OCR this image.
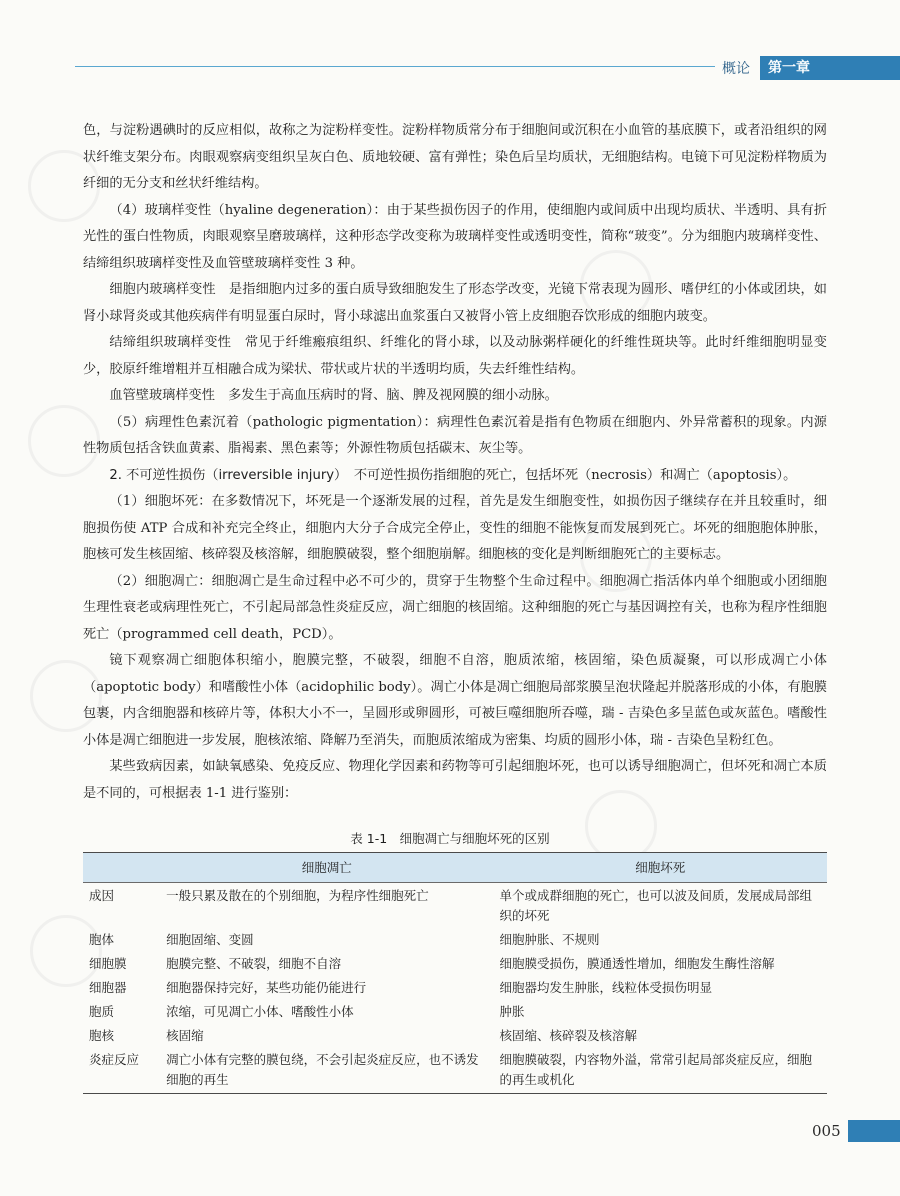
概论	第一章

色，与淀粉遇碘时的反应相似，故称之为淀粉样变性。淀粉样物质常分布于细胞间或沉积在小血管的基底膜下，或者沿组织的网状纤维支架分布。肉眼观察病变组织呈灰白色、质地较硬、富有弹性；染色后呈均质状，无细胞结构。电镜下可见淀粉样物质为纤细的无分支和丝状纤维结构。

（4）玻璃样变性（hyaline degeneration）：由于某些损伤因子的作用，使细胞内或间质中出现均质状、半透明、具有折光性的蛋白性物质，肉眼观察呈磨玻璃样，这种形态学改变称为玻璃样变性或透明变性，简称“玻变”。分为细胞内玻璃样变性、结缔组织玻璃样变性及血管壁玻璃样变性 3 种。

细胞内玻璃样变性　是指细胞内过多的蛋白质导致细胞发生了形态学改变，光镜下常表现为圆形、嗜伊红的小体或团块，如肾小球肾炎或其他疾病伴有明显蛋白尿时，肾小球滤出血浆蛋白又被肾小管上皮细胞吞饮形成的细胞内玻变。

结缔组织玻璃样变性　常见于纤维瘢痕组织、纤维化的肾小球，以及动脉粥样硬化的纤维性斑块等。此时纤维细胞明显变少，胶原纤维增粗并互相融合成为梁状、带状或片状的半透明均质，失去纤维性结构。

血管壁玻璃样变性　多发生于高血压病时的肾、脑、脾及视网膜的细小动脉。

（5）病理性色素沉着（pathologic pigmentation）：病理性色素沉着是指有色物质在细胞内、外异常蓄积的现象。内源性物质包括含铁血黄素、脂褐素、黑色素等；外源性物质包括碳末、灰尘等。

2. 不可逆性损伤（irreversible injury）　 不可逆性损伤指细胞的死亡，包括坏死（necrosis）和凋亡（apoptosis）。

（1）细胞坏死：在多数情况下，坏死是一个逐渐发展的过程，首先是发生细胞变性，如损伤因子继续存在并且较重时，细胞损伤使 ATP 合成和补充完全终止，细胞内大分子合成完全停止，变性的细胞不能恢复而发展到死亡。坏死的细胞胞体肿胀，胞核可发生核固缩、核碎裂及核溶解，细胞膜破裂，整个细胞崩解。细胞核的变化是判断细胞死亡的主要标志。

（2）细胞凋亡：细胞凋亡是生命过程中必不可少的，贯穿于生物整个生命过程中。细胞凋亡指活体内单个细胞或小团细胞生理性衰老或病理性死亡，不引起局部急性炎症反应，凋亡细胞的核固缩。这种细胞的死亡与基因调控有关，也称为程序性细胞死亡（programmed cell death，PCD）。

镜下观察凋亡细胞体积缩小，胞膜完整，不破裂，细胞不自溶，胞质浓缩，核固缩，染色质凝聚，可以形成凋亡小体（apoptotic body）和嗜酸性小体（acidophilic body）。凋亡小体是凋亡细胞局部浆膜呈泡状隆起并脱落形成的小体，有胞膜包裹，内含细胞器和核碎片等，体积大小不一，呈圆形或卵圆形，可被巨噬细胞所吞噬，瑞 - 吉染色多呈蓝色或灰蓝色。嗜酸性小体是凋亡细胞进一步发展，胞核浓缩、降解乃至消失，而胞质浓缩成为密集、均质的圆形小体，瑞 - 吉染色呈粉红色。

某些致病因素，如缺氧感染、免疫反应、物理化学因素和药物等可引起细胞坏死，也可以诱导细胞凋亡，但坏死和凋亡本质是不同的，可根据表 1-1 进行鉴别：

表 1-1　细胞凋亡与细胞坏死的区别
	细胞凋亡	细胞坏死
成因	一般只累及散在的个别细胞，为程序性细胞死亡	单个或成群细胞的死亡，也可以波及间质，发展成局部组织的坏死
胞体	细胞固缩、变圆	细胞肿胀、不规则
细胞膜	胞膜完整、不破裂，细胞不自溶	细胞膜受损伤，膜通透性增加，细胞发生酶性溶解
细胞器	细胞器保持完好，某些功能仍能进行	细胞器均发生肿胀，线粒体受损伤明显
胞质	浓缩，可见凋亡小体、嗜酸性小体	肿胀
胞核	核固缩	核固缩、核碎裂及核溶解
炎症反应	凋亡小体有完整的膜包绕，不会引起炎症反应，也不诱发细胞的再生	细胞膜破裂，内容物外溢，常常引起局部炎症反应，细胞的再生或机化
005
